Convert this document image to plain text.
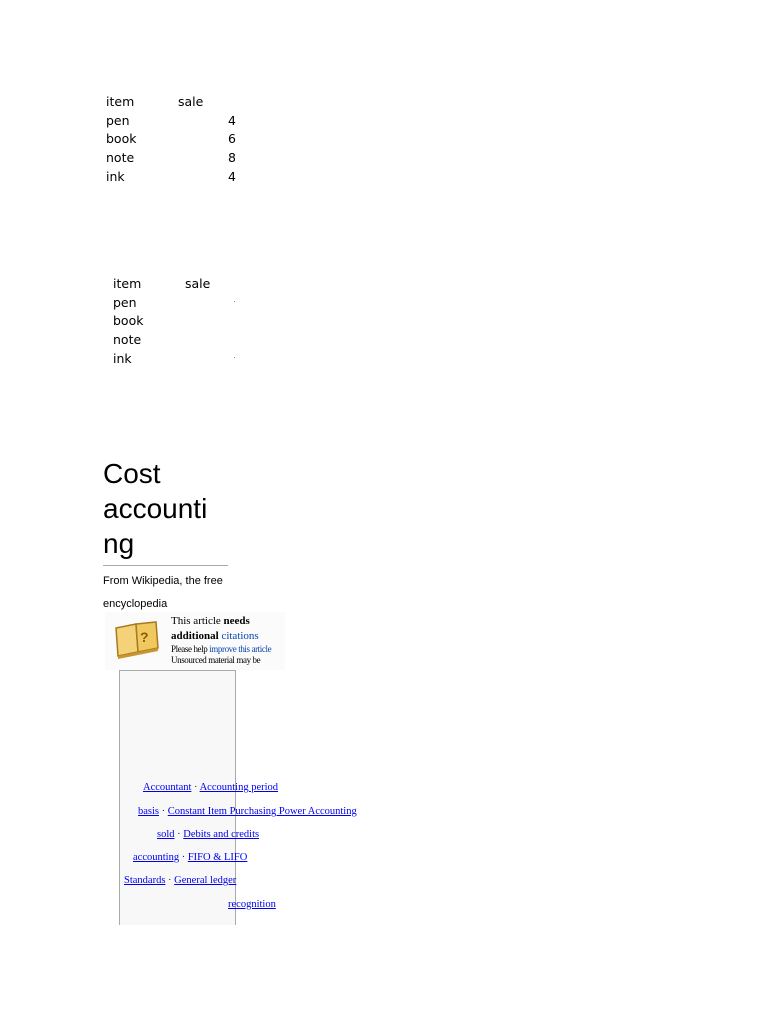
item	sale
pen	4
book	6
note	8
ink	4
item	sale
pen
book
note
ink
Cost
accounti
ng
From Wikipedia, the free
encyclopedia
?
This article needs
additional citations
Please help improve this article
Unsourced material may be
Accountant · Accounting period
basis · Constant Item Purchasing Power Accounting
sold · Debits and credits
accounting · FIFO & LIFO
Standards · General ledger
recognition
